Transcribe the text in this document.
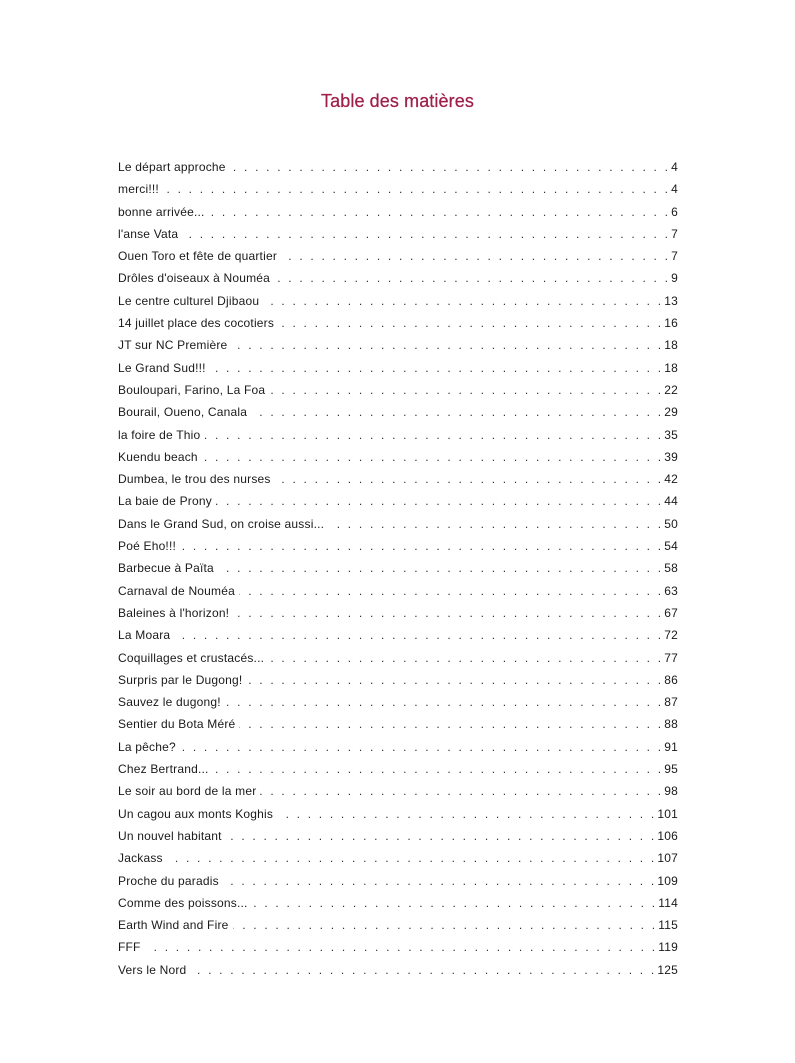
Table des matières
Le départ approche . . .	4
merci!!! . . .	4
bonne arrivée... . . .	6
l'anse Vata . . .	7
Ouen Toro et fête de quartier . . .	7
Drôles d'oiseaux à Nouméa . . .	9
Le centre culturel Djibaou . . .	13
14 juillet place des cocotiers . . .	16
JT sur NC Première . . .	18
Le Grand Sud!!! . . .	18
Bouloupari, Farino, La Foa . . .	22
Bourail, Oueno, Canala . . .	29
la foire de Thio . . .	35
Kuendu beach . . .	39
Dumbea, le trou des nurses . . .	42
La baie de Prony . . .	44
Dans le Grand Sud, on croise aussi... . . .	50
Poé Eho!!! . . .	54
Barbecue à Païta . . .	58
Carnaval de Nouméa . . .	63
Baleines à l'horizon! . . .	67
La Moara . . .	72
Coquillages et crustacés... . . .	77
Surpris par le Dugong! . . .	86
Sauvez le dugong! . . .	87
Sentier du Bota Méré . . .	88
La pêche? . . .	91
Chez Bertrand... . . .	95
Le soir au bord de la mer . . .	98
Un cagou aux monts Koghis . . .	101
Un nouvel habitant . . .	106
Jackass . . .	107
Proche du paradis . . .	109
Comme des poissons... . . .	114
Earth Wind and Fire . . .	115
FFF . . .	119
Vers le Nord . . .	125
